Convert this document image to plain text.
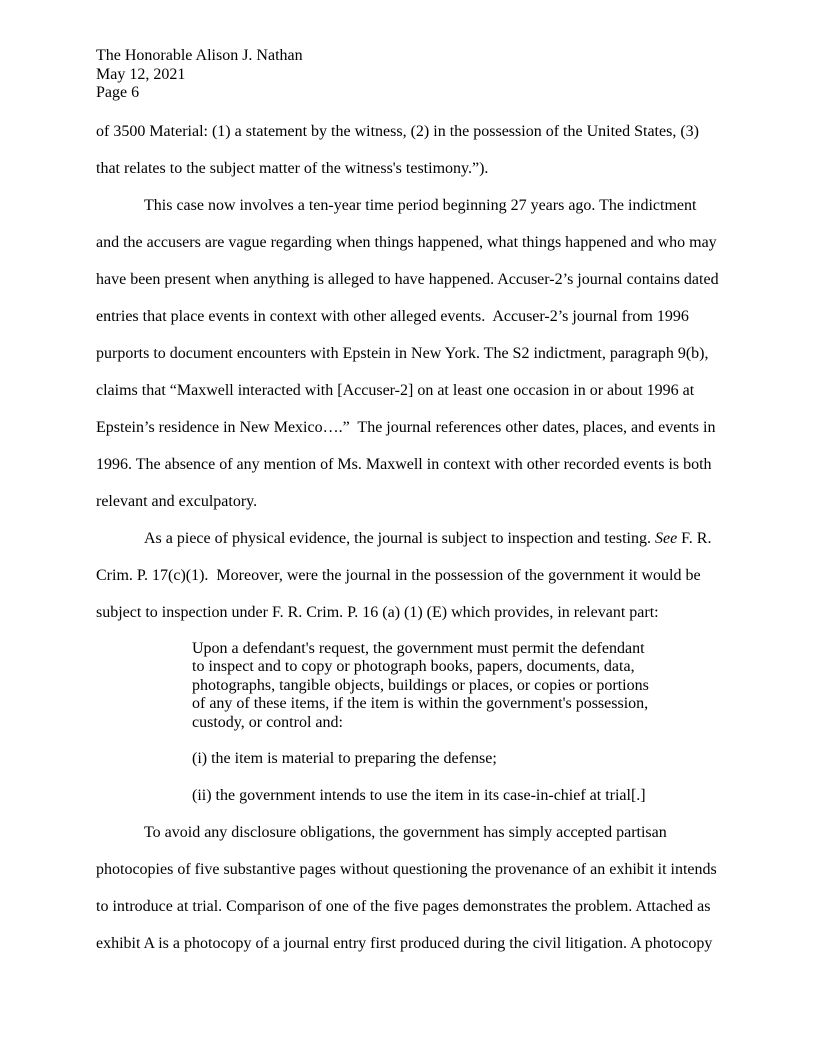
The Honorable Alison J. Nathan
May 12, 2021
Page 6

of 3500 Material: (1) a statement by the witness, (2) in the possession of the United States, (3) that relates to the subject matter of the witness's testimony.”).

This case now involves a ten-year time period beginning 27 years ago. The indictment and the accusers are vague regarding when things happened, what things happened and who may have been present when anything is alleged to have happened. Accuser-2’s journal contains dated entries that place events in context with other alleged events.  Accuser-2’s journal from 1996 purports to document encounters with Epstein in New York. The S2 indictment, paragraph 9(b), claims that “Maxwell interacted with [Accuser-2] on at least one occasion in or about 1996 at Epstein’s residence in New Mexico….”  The journal references other dates, places, and events in 1996. The absence of any mention of Ms. Maxwell in context with other recorded events is both relevant and exculpatory.

As a piece of physical evidence, the journal is subject to inspection and testing. See F. R. Crim. P. 17(c)(1).  Moreover, were the journal in the possession of the government it would be subject to inspection under F. R. Crim. P. 16 (a) (1) (E) which provides, in relevant part:

Upon a defendant's request, the government must permit the defendant to inspect and to copy or photograph books, papers, documents, data, photographs, tangible objects, buildings or places, or copies or portions of any of these items, if the item is within the government's possession, custody, or control and:

(i) the item is material to preparing the defense;

(ii) the government intends to use the item in its case-in-chief at trial[.]

To avoid any disclosure obligations, the government has simply accepted partisan photocopies of five substantive pages without questioning the provenance of an exhibit it intends to introduce at trial. Comparison of one of the five pages demonstrates the problem. Attached as exhibit A is a photocopy of a journal entry first produced during the civil litigation. A photocopy
